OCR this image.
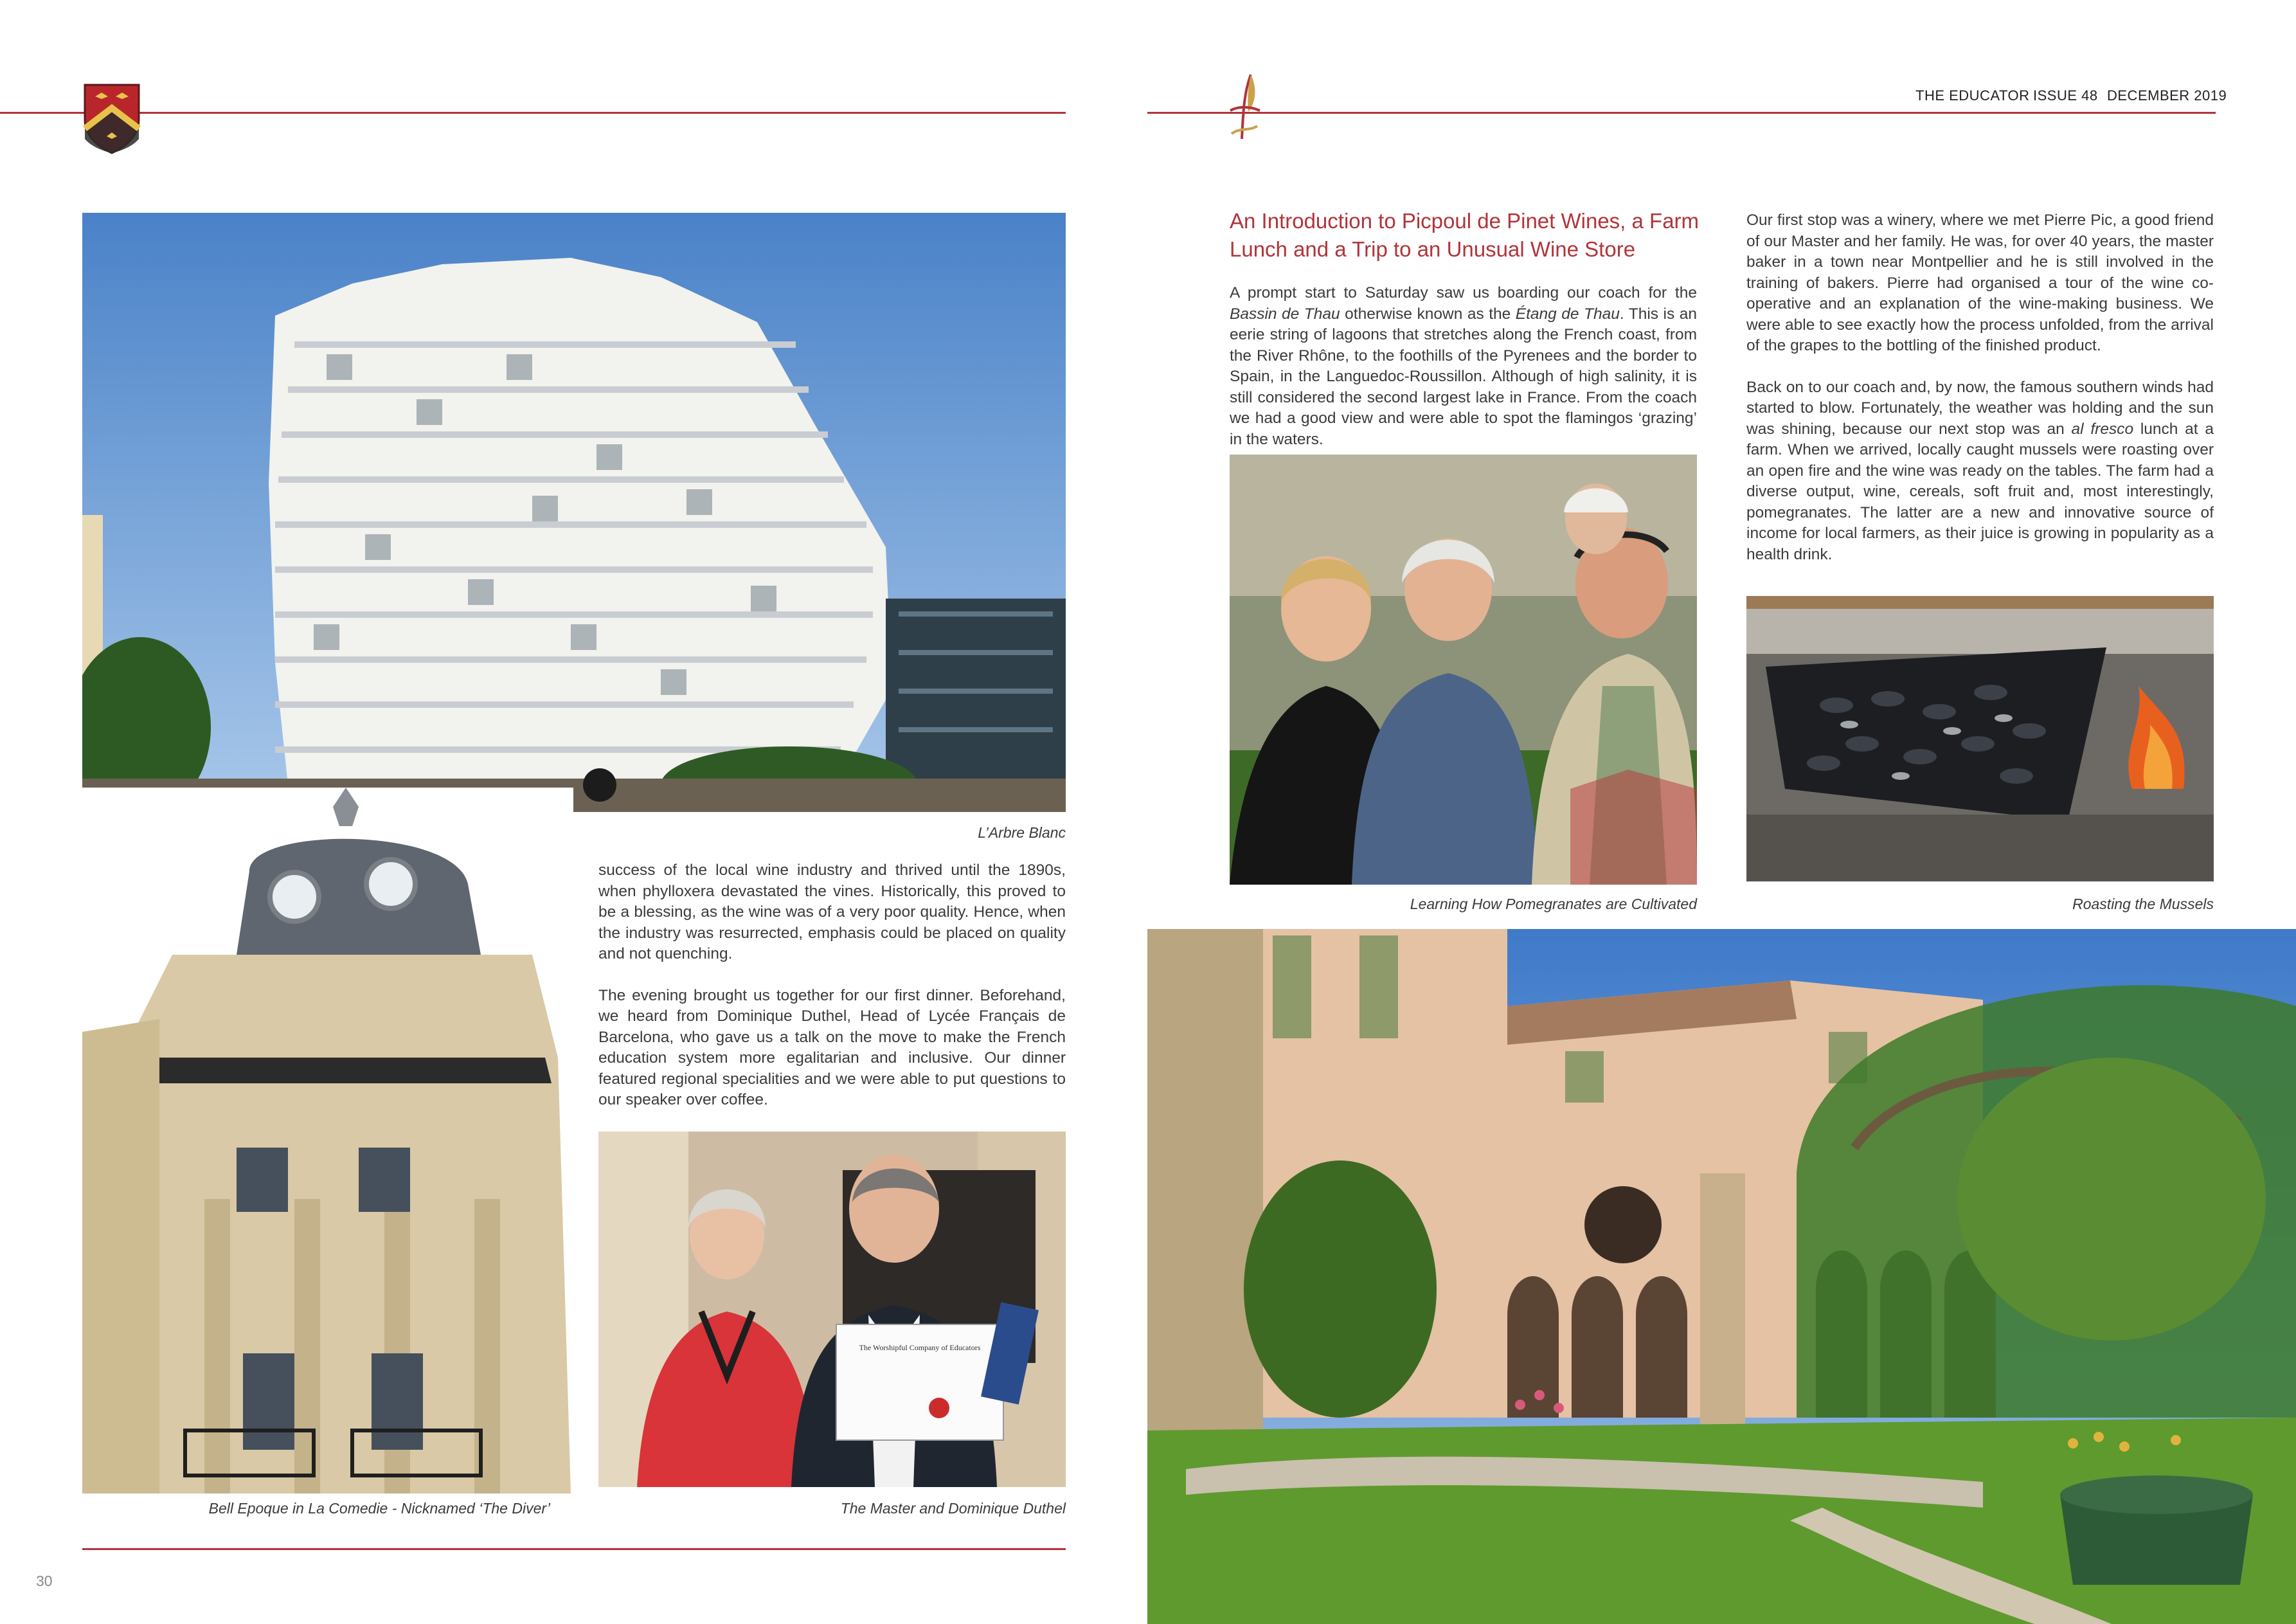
THE EDUCATOR ISSUE 48 DECEMBER 2019
L’Arbre Blanc
Bell Epoque in La Comedie - Nicknamed ‘The Diver’

success of the local wine industry and thrived until the 1890s, when phylloxera devastated the vines. Historically, this proved to be a blessing, as the wine was of a very poor quality. Hence, when the industry was resurrected, emphasis could be placed on quality and not quenching.

The evening brought us together for our first dinner. Beforehand, we heard from Dominique Duthel, Head of Lycée Français de Barcelona, who gave us a talk on the move to make the French education system more egalitarian and inclusive. Our dinner featured regional specialities and we were able to put questions to our speaker over coffee.

The Worshipful Company of Educators
The Master and Dominique Duthel
30
An Introduction to Picpoul de Pinet Wines, a Farm Lunch and a Trip to an Unusual Wine Store

A prompt start to Saturday saw us boarding our coach for the Bassin de Thau otherwise known as the Étang de Thau. This is an eerie string of lagoons that stretches along the French coast, from the River Rhône, to the foothills of the Pyrenees and the border to Spain, in the Languedoc-Roussillon. Although of high salinity, it is still considered the second largest lake in France. From the coach we had a good view and were able to spot the flamingos ‘grazing’ in the waters.

Learning How Pomegranates are Cultivated

Our first stop was a winery, where we met Pierre Pic, a good friend of our Master and her family. He was, for over 40 years, the master baker in a town near Montpellier and he is still involved in the training of bakers. Pierre had organised a tour of the wine co-operative and an explanation of the wine-making business. We were able to see exactly how the process unfolded, from the arrival of the grapes to the bottling of the finished product.

Back on to our coach and, by now, the famous southern winds had started to blow. Fortunately, the weather was holding and the sun was shining, because our next stop was an al fresco lunch at a farm. When we arrived, locally caught mussels were roasting over an open fire and the wine was ready on the tables. The farm had a diverse output, wine, cereals, soft fruit and, most interestingly, pomegranates. The latter are a new and innovative source of income for local farmers, as their juice is growing in popularity as a health drink.

Roasting the Mussels
